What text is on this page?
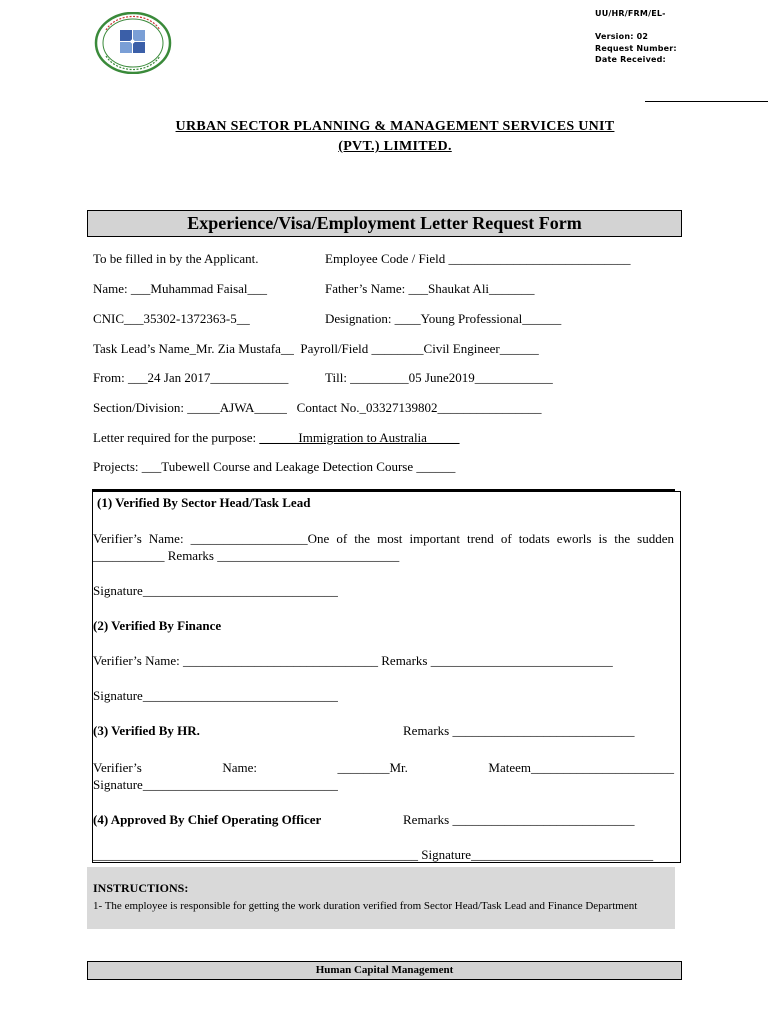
UU/HR/FRM/EL-
Version: 02
Request Number:
Date Received:
URBAN SECTOR PLANNING & MANAGEMENT SERVICES UNIT
(PVT.) LIMITED.
Experience/Visa/Employment Letter Request Form
To be filled in by the Applicant.	Employee Code / Field ____________________________
Name: ___Muhammad Faisal___	Father’s Name: ___Shaukat Ali_______
CNIC___35302-1372363-5__	Designation: ____Young Professional______
Task Lead’s Name_Mr. Zia Mustafa__  Payroll/Field ________Civil Engineer______
From: ___24 Jan 2017____________	Till: _________05 June2019____________
Section/Division: _____AJWA_____   Contact No._03327139802________________
Letter required for the purpose: ______Immigration to Australia_____
Projects: ___Tubewell Course and Leakage Detection Course ______
(1) Verified By Sector Head/Task Lead
Verifier’s Name: __________________One of the most important trend of todats eworls is the sudden ___________ Remarks ____________________________
Signature______________________________
(2) Verified By Finance
Verifier’s Name: ______________________________ Remarks ____________________________
Signature______________________________
(3) Verified By HR.	Remarks ____________________________
Verifier’s Name: ________Mr. Mateem______________________ Signature______________________________
(4) Approved By Chief Operating Officer	Remarks ____________________________
__________________________________________________ Signature____________________________
INSTRUCTIONS:
1- The employee is responsible for getting the work duration verified from Sector Head/Task Lead and Finance Department
Human Capital Management
